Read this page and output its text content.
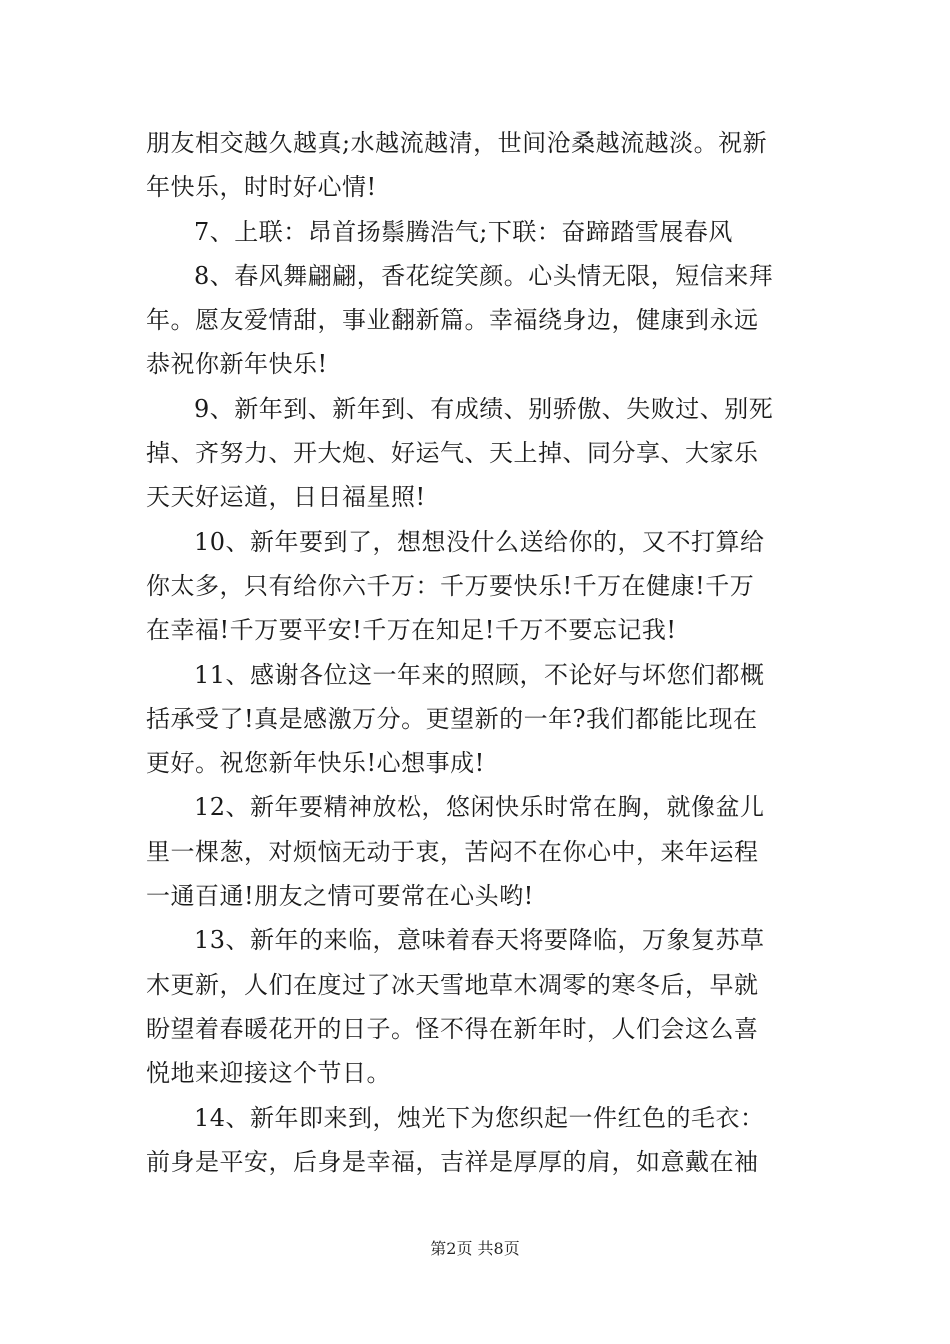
朋友相交越久越真;水越流越清，世间沧桑越流越淡。祝新
年快乐，时时好心情!
7、上联：昂首扬鬃腾浩气;下联：奋蹄踏雪展春风
8、春风舞翩翩，香花绽笑颜。心头情无限，短信来拜
年。愿友爱情甜，事业翻新篇。幸福绕身边，健康到永远
恭祝你新年快乐!
9、新年到、新年到、有成绩、别骄傲、失败过、别死
掉、齐努力、开大炮、好运气、天上掉、同分享、大家乐
天天好运道，日日福星照!
10、新年要到了，想想没什么送给你的，又不打算给
你太多，只有给你六千万：千万要快乐!千万在健康!千万
在幸福!千万要平安!千万在知足!千万不要忘记我!
11、感谢各位这一年来的照顾，不论好与坏您们都概
括承受了!真是感激万分。更望新的一年?我们都能比现在
更好。祝您新年快乐!心想事成!
12、新年要精神放松，悠闲快乐时常在胸，就像盆儿
里一棵葱，对烦恼无动于衷，苦闷不在你心中，来年运程
一通百通!朋友之情可要常在心头哟!
13、新年的来临，意味着春天将要降临，万象复苏草
木更新，人们在度过了冰天雪地草木凋零的寒冬后，早就
盼望着春暖花开的日子。怪不得在新年时，人们会这么喜
悦地来迎接这个节日。
14、新年即来到，烛光下为您织起一件红色的毛衣：
前身是平安，后身是幸福，吉祥是厚厚的肩，如意戴在袖
第2页 共8页
